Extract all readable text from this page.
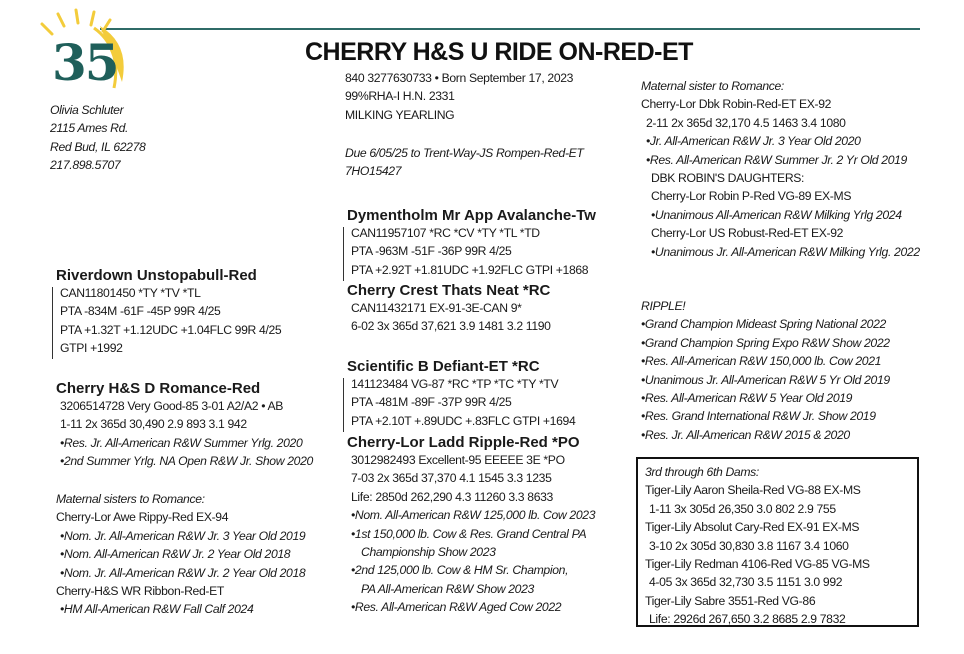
35	CHERRY H&S U RIDE ON-RED-ET
Olivia Schluter
2115 Ames Rd.
Red Bud, IL 62278
217.898.5707
840 3277630733 • Born September 17, 2023
99%RHA-I H.N. 2331
MILKING YEARLING
Due 6/05/25 to Trent-Way-JS Rompen-Red-ET
7HO15427
Riverdown Unstopabull-Red
CAN11801450 *TY *TV *TL
PTA -834M -61F -45P 99R 4/25
PTA +1.32T +1.12UDC +1.04FLC 99R 4/25
GTPI +1992
Cherry H&S D Romance-Red
3206514728 Very Good-85 3-01 A2/A2 • AB
1-11 2x 365d 30,490 2.9 893 3.1 942
•Res. Jr. All-American R&W Summer Yrlg. 2020
•2nd Summer Yrlg. NA Open R&W Jr. Show 2020
Maternal sisters to Romance:
Cherry-Lor Awe Rippy-Red EX-94
•Nom. Jr. All-American R&W Jr. 3 Year Old 2019
•Nom. All-American R&W Jr. 2 Year Old 2018
•Nom. Jr. All-American R&W Jr. 2 Year Old 2018
Cherry-H&S WR Ribbon-Red-ET
•HM All-American R&W Fall Calf 2024
Dymentholm Mr App Avalanche-Tw
CAN11957107 *RC *CV *TY *TL *TD
PTA -963M -51F -36P 99R 4/25
PTA +2.92T +1.81UDC +1.92FLC GTPI +1868
Cherry Crest Thats Neat *RC
CAN11432171 EX-91-3E-CAN 9*
6-02 3x 365d 37,621 3.9 1481 3.2 1190
Scientific B Defiant-ET *RC
141123484 VG-87 *RC *TP *TC *TY *TV
PTA -481M -89F -37P 99R 4/25
PTA +2.10T +.89UDC +.83FLC GTPI +1694
Cherry-Lor Ladd Ripple-Red *PO
3012982493 Excellent-95 EEEEE 3E *PO
7-03 2x 365d 37,370 4.1 1545 3.3 1235
Life: 2850d 262,290 4.3 11260 3.3 8633
•Nom. All-American R&W 125,000 lb. Cow 2023
•1st 150,000 lb. Cow & Res. Grand Central PA
Championship Show 2023
•2nd 125,000 lb. Cow & HM Sr. Champion,
PA All-American R&W Show 2023
•Res. All-American R&W Aged Cow 2022
Maternal sister to Romance:
Cherry-Lor Dbk Robin-Red-ET EX-92
2-11 2x 365d 32,170 4.5 1463 3.4 1080
•Jr. All-American R&W Jr. 3 Year Old 2020
•Res. All-American R&W Summer Jr. 2 Yr Old 2019
DBK ROBIN'S DAUGHTERS:
Cherry-Lor Robin P-Red VG-89 EX-MS
•Unanimous All-American R&W Milking Yrlg 2024
Cherry-Lor US Robust-Red-ET EX-92
•Unanimous Jr. All-American R&W Milking Yrlg. 2022
RIPPLE!
•Grand Champion Mideast Spring National 2022
•Grand Champion Spring Expo R&W Show 2022
•Res. All-American R&W 150,000 lb. Cow 2021
•Unanimous Jr. All-American R&W 5 Yr Old 2019
•Res. All-American R&W 5 Year Old 2019
•Res. Grand International R&W Jr. Show 2019
•Res. Jr. All-American R&W 2015 & 2020
3rd through 6th Dams:
Tiger-Lily Aaron Sheila-Red VG-88 EX-MS
1-11 3x 305d 26,350 3.0 802 2.9 755
Tiger-Lily Absolut Cary-Red EX-91 EX-MS
3-10 2x 305d 30,830 3.8 1167 3.4 1060
Tiger-Lily Redman 4106-Red VG-85 VG-MS
4-05 3x 365d 32,730 3.5 1151 3.0 992
Tiger-Lily Sabre 3551-Red VG-86
Life: 2926d 267,650 3.2 8685 2.9 7832
